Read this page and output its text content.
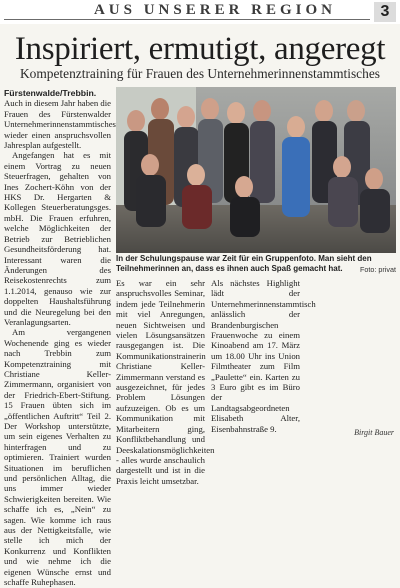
AUS UNSERER REGION	3
Inspiriert, ermutigt, angeregt
Kompetenztraining für Frauen des Unternehmerinnenstammtisches

Fürstenwalde/Trebbin. Auch in diesem Jahr haben die Frauen des Fürstenwalder Unternehmerinnenstammtisches wieder einen anspruchsvollen Jahresplan aufgestellt.

Angefangen hat es mit einem Vortrag zu neuen Steuerfragen, gehalten von Ines Zochert-Köhn von der HKS Dr. Hergarten & Kollegen Steuerberatungsges. mbH. Die Frauen erfuhren, welche Möglichkeiten der Betrieb zur Betrieblichen Gesundheitsförderung hat. Interessant waren die Änderungen des Reisekostenrechts zum 1.1.2014, genauso wie zur doppelten Haushaltsführung und die Neuregelung bei den Veranlagungsarten.

Am vergangenen Wochenende ging es wieder nach Trebbin zum Kompetenztraining mit Christiane Keller-Zimmermann, organisiert von der Friedrich-Ebert-Stiftung. 15 Frauen übten sich im „öffentlichen Auftritt“ Teil 2. Der Workshop unterstützte, um sein eigenes Verhalten zu hinterfragen und zu optimieren. Trainiert wurden Situationen im beruflichen und persönlichen Alltag, die uns immer wieder Schwierigkeiten bereiten. Wie schaffe ich es, „Nein“ zu sagen. Wie komme ich raus aus der Nettigkeitsfalle, wie stelle ich mich der Konkurrenz und Konflikten und wie nehme ich die eigenen Wünsche ernst und schaffe Ruhephasen.

Es war ein sehr anspruchsvolles Seminar, indem jede Teilnehmerin mit viel Anregungen, neuen Sichtweisen und vielen Lösungsansätzen rausgegangen ist. Die Kommunikationstrainerin Christiane Keller-Zimmermann verstand es ausgezeichnet, für jedes Problem Lösungen aufzuzeigen. Ob es um Kommunikation mit Mitarbeitern ging, Konfliktbehandlung und Deeskalationsmöglichkeiten - alles wurde anschaulich dargestellt und ist in die Praxis leicht umsetzbar.

Als nächstes Highlight lädt der Unternehmerinnenstammtisch anlässlich der Brandenburgischen Frauenwoche zu einem Kinoabend am 17. März um 18.00 Uhr ins Union Filmtheater zum Film „Paulette“ ein. Karten zu 3 Euro gibt es im Büro der Landtagsabgeordneten Elisabeth Alter, Eisenbahnstraße 9.	Birgit Bauer
In der Schulungspause war Zeit für ein Gruppenfoto. Man sieht den Teilnehmerinnen an, dass es ihnen auch Spaß gemacht hat.	Foto: privat
